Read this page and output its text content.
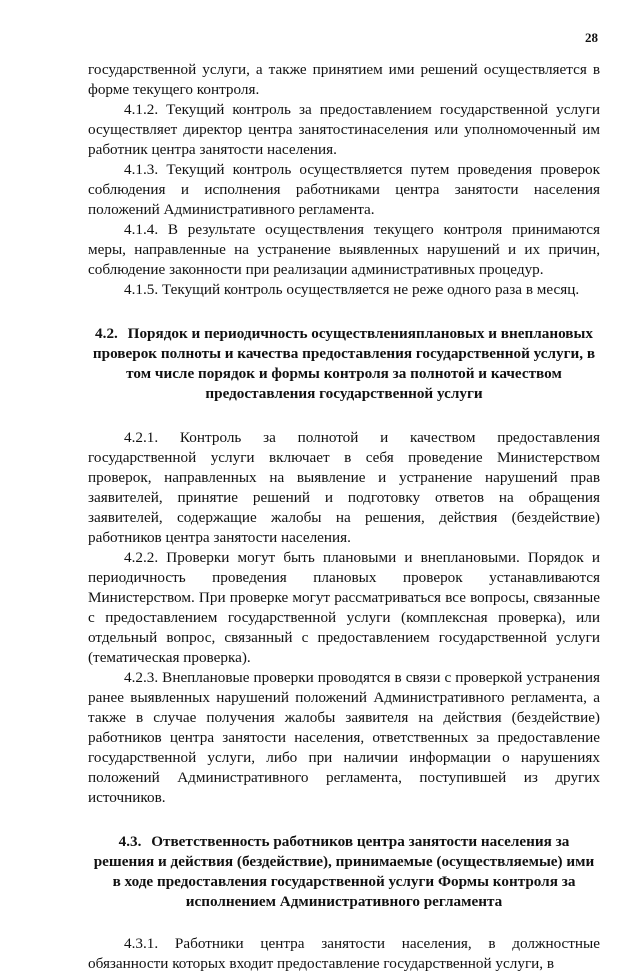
28

государственной услуги, а также принятием ими решений осуществляется в форме текущего контроля.

4.1.2. Текущий контроль за предоставлением государственной услуги осуществляет директор центра занятостинаселения или уполномоченный им работник центра занятости населения.

4.1.3. Текущий контроль осуществляется путем проведения проверок соблюдения и исполнения работниками центра занятости населения положений Административного регламента.

4.1.4. В результате осуществления текущего контроля принимаются меры, направленные на устранение выявленных нарушений и их причин, соблюдение законности при реализации административных процедур.

4.1.5. Текущий контроль осуществляется не реже одного раза в месяц.

4.2. Порядок и периодичность осуществленияплановых и внеплановых проверок полноты и качества предоставления государственной услуги, в том числе порядок и формы контроля за полнотой и качеством предоставления государственной услуги

4.2.1. Контроль за полнотой и качеством предоставления государственной услуги включает в себя проведение Министерством проверок, направленных на выявление и устранение нарушений прав заявителей, принятие решений и подготовку ответов на обращения заявителей, содержащие жалобы на решения, действия (бездействие) работников центра занятости населения.

4.2.2. Проверки могут быть плановыми и внеплановыми. Порядок и периодичность проведения плановых проверок устанавливаются Министерством. При проверке могут рассматриваться все вопросы, связанные с предоставлением государственной услуги (комплексная проверка), или отдельный вопрос, связанный с предоставлением государственной услуги (тематическая проверка).

4.2.3. Внеплановые проверки проводятся в связи с проверкой устранения ранее выявленных нарушений положений Административного регламента, а также в случае получения жалобы заявителя на действия (бездействие) работников центра занятости населения, ответственных за предоставление государственной услуги, либо при наличии информации о нарушениях положений Административного регламента, поступившей из других источников.

4.3. Ответственность работников центра занятости населения за решения и действия (бездействие), принимаемые (осуществляемые) ими в ходе предоставления государственной услуги Формы контроля за исполнением Административного регламента

4.3.1. Работники центра занятости населения, в должностные обязанности которых входит предоставление государственной услуги, в
